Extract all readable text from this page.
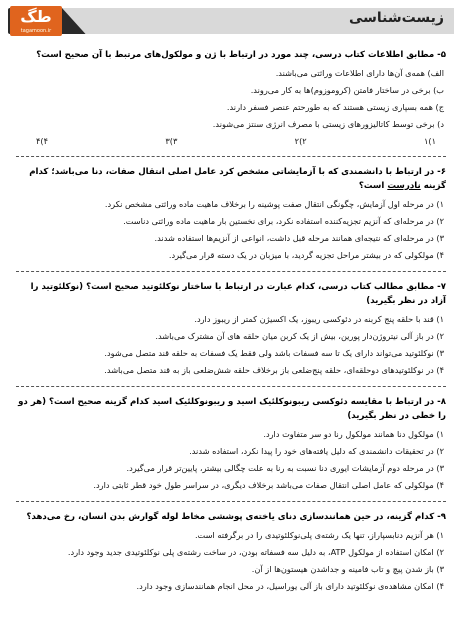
زیست‌شناسی
طگ
tagamoon.ir
۵- مطابق اطلاعات کتاب درسی، چند مورد در ارتباط با ژن و مولکول‌های مرتبط با آن صحیح است؟
الف) همه‌ی آن‌ها دارای اطلاعات وراثتی می‌باشند.
ب) برخی در ساختار فامتن (کروموزوم)ها به کار می‌روند.
ج) همه بسپاری زیستی هستند که به طورحتم عنصر فسفر دارند.
د) برخی توسط کاتالیزورهای زیستی با مصرف انرژی سنتز می‌شوند.
۱)۱
۲)۲
۳)۳
۴)۴
۶- در ارتباط با دانشمندی که با آزمایشاتی مشخص کرد عامل اصلی انتقال صفات، دنا می‌باشد؛ کدام گزینه نادرست است؟
۱) در مرحله اول آزمایش، چگونگی انتقال صفت پوشینه را برخلاف ماهیت ماده وراثتی مشخص نکرد.
۲) در مرحله‌ای که آنزیم تجزیه‌کننده استفاده نکرد، برای نخستین بار ماهیت ماده وراثتی دناست.
۳) در مرحله‌ای که نتیجه‌ای همانند مرحله قبل داشت، انواعی از آنزیم‌ها استفاده شدند.
۴) مولکولی که در بیشتر مراحل تجزیه گردید، با میزبان در یک دسته قرار می‌گیرد.
۷- مطابق مطالب کتاب درسی، کدام عبارت در ارتباط با ساختار نوکلئوتید صحیح است؟ (نوکلئوتید را آزاد در نظر بگیرید)
۱) قند با حلقه پنج کربنه در دئوکسی ریبوز، یک اکسیژن کمتر از ریبوز دارد.
۲) در باز آلی نیتروژن‌دار پورین، بیش از یک کربن میان حلقه های آن مشترک می‌باشد.
۳) نوکلئوتید می‌تواند دارای یک تا سه فسفات باشد ولی فقط یک فسفات به حلقه قند متصل می‌شود.
۴) در نوکلئوتیدهای دوحلقه‌ای، حلقه پنج‌ضلعی باز برخلاف حلقه شش‌ضلعی باز به قند متصل می‌باشد.
۸- در ارتباط با مقایسه دئوکسی ریبونوکلئیک اسید و ریبونوکلئیک اسید کدام گزینه صحیح است؟ (هر دو را خطی در نظر بگیرید)
۱) مولکول دنا همانند مولکول رنا دو سر متفاوت دارد.
۲) در تحقیقات دانشمندی که دلیل یافته‌های خود را پیدا نکرد، استفاده شدند.
۳) در مرحله دوم آزمایشات ایوری دنا نسبت به رنا به علت چگالی بیشتر، پایین‌تر قرار می‌گیرد.
۴) مولکولی که عامل اصلی انتقال صفات می‌باشد برخلاف دیگری، در سراسر طول خود قطر ثابتی دارد.
۹- کدام گزینه، در حین همانندسازی دنای یاخته‌ی پوششی مخاط لوله گوارش بدن انسان، رخ می‌دهد؟
۱) هر آنزیم دنابسپاراز، تنها یک رشته‌ی پلی‌نوکلئوتیدی را در برگرفته است.
۲) امکان استفاده از مولکول ATP، به دلیل سه فسفاته بودن، در ساخت رشته‌ی پلی نوکلئوتیدی جدید وجود دارد.
۳) باز شدن پیچ و تاب فامینه و جداشدن هیستون‌ها از آن.
۴) امکان مشاهده‌ی نوکلئوتید دارای باز آلی یوراسیل، در محل انجام همانندسازی وجود دارد.
